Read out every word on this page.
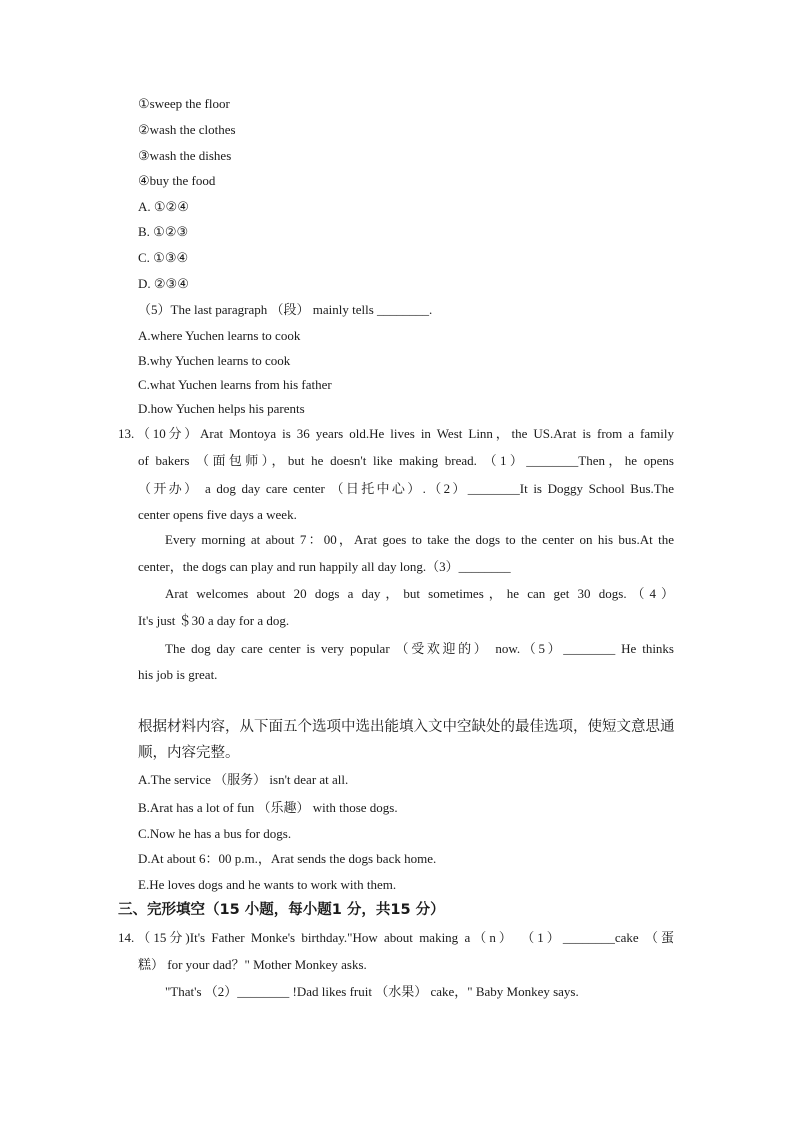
①sweep the floor
②wash the clothes
③wash the dishes
④buy the food
A. ①②④
B. ①②③
C. ①③④
D. ②③④
（5）The last paragraph （段） mainly tells ________.
A.where Yuchen learns to cook
B.why Yuchen learns to cook
C.what Yuchen learns from his father
D.how Yuchen helps his parents
13.（10分）Arat Montoya is 36 years old.He lives in West Linn，the US.Arat is from a family
of bakers （面包师），but he doesn't like making bread. （1）________Then，he opens
（开办） a dog day care center （日托中心）.（2）________It is Doggy School Bus.The
center opens five days a week.
Every morning at about 7：00，Arat goes to take the dogs to the center on his bus.At the
center，the dogs can play and run happily all day long.（3）________
Arat welcomes about 20 dogs a day，but sometimes，he can get 30 dogs.（4）
It's just ＄30 a day for a dog.
The dog day care center is very popular （受欢迎的） now.（5）________ He thinks
his job is great.
根据材料内容，从下面五个选项中选出能填入文中空缺处的最佳选项，使短文意思通顺，内容完整。
A.The service （服务） isn't dear at all.
B.Arat has a lot of fun （乐趣） with those dogs.
C.Now he has a bus for dogs.
D.At about 6：00 p.m.，Arat sends the dogs back home.
E.He loves dogs and he wants to work with them.
三、完形填空（15 小题，每小题1 分，共15 分）
14.（15分)It's Father Monke's birthday."How about making a（n） （1）________cake （蛋
糕） for your dad？" Mother Monkey asks.
"That's （2）________ !Dad likes fruit （水果） cake，" Baby Monkey says.
